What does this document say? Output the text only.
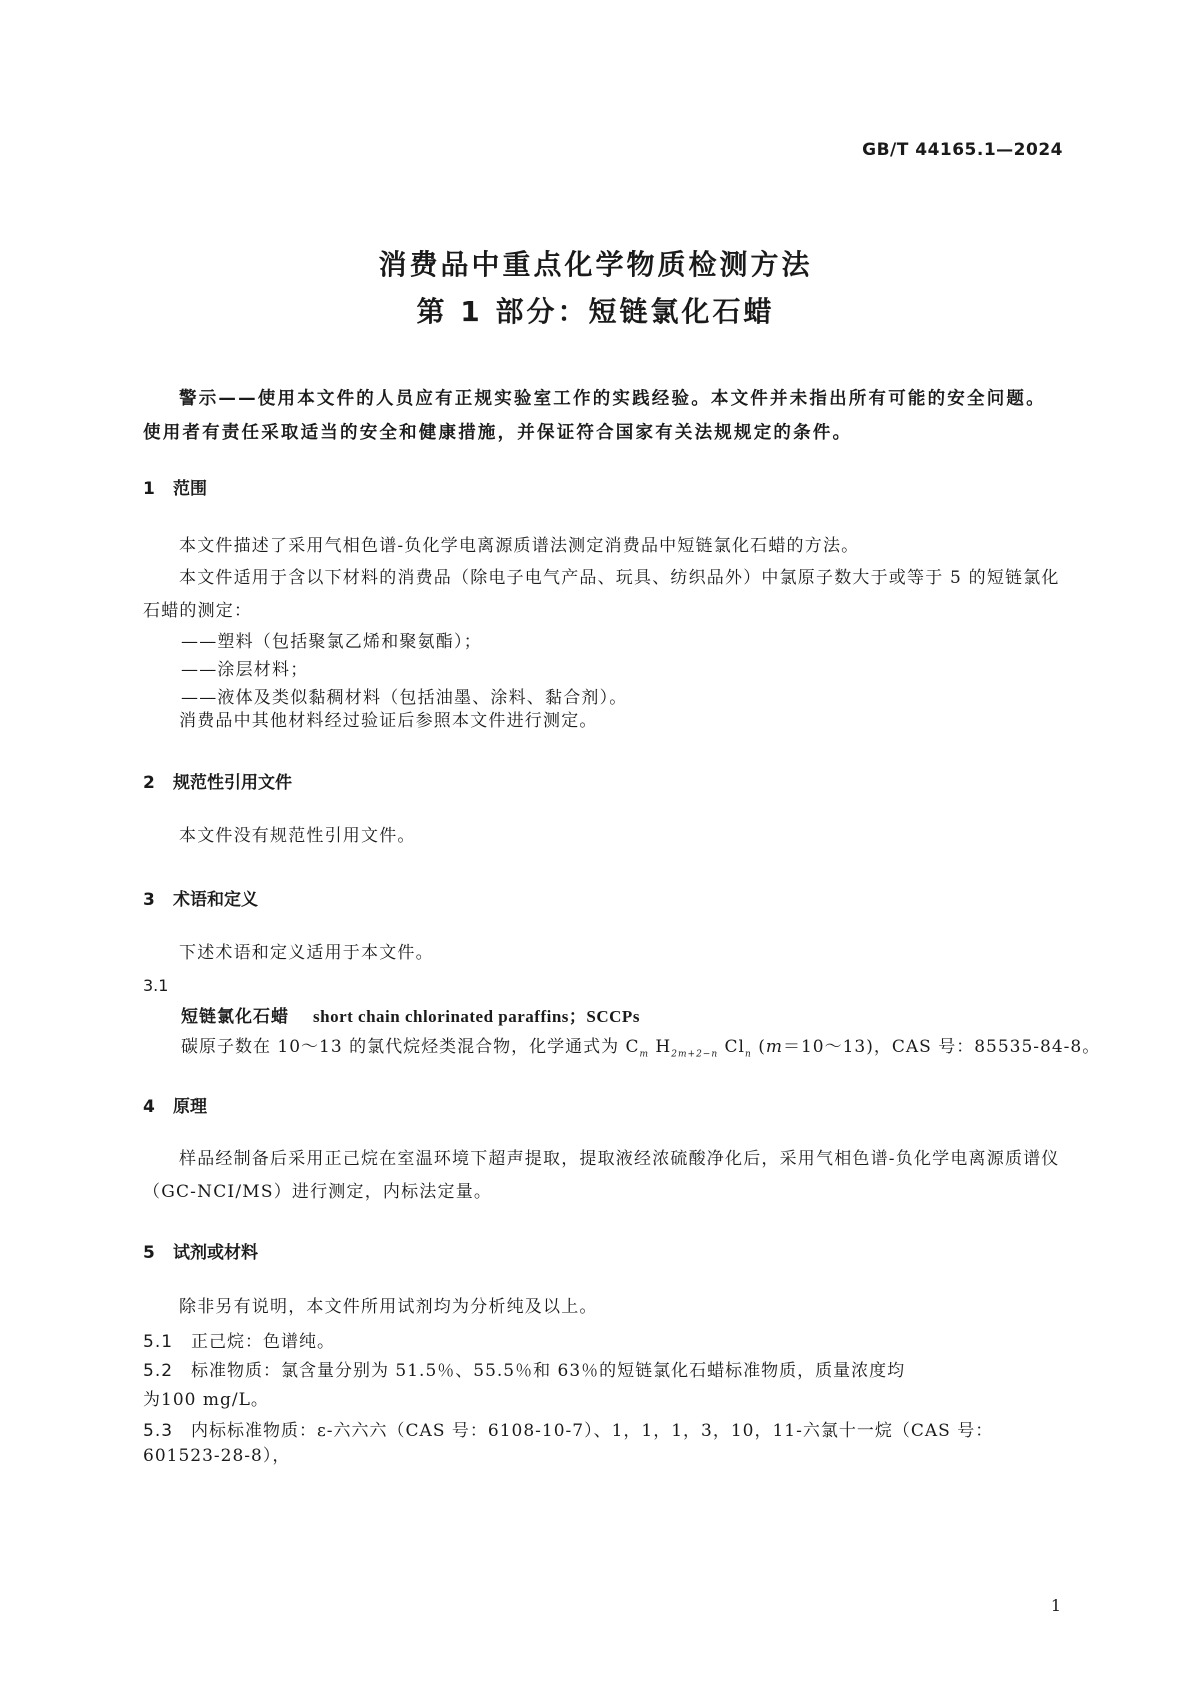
GB/T 44165.1—2024
消费品中重点化学物质检测方法
第 1 部分：短链氯化石蜡
警示——使用本文件的人员应有正规实验室工作的实践经验。本文件并未指出所有可能的安全问题。使用者有责任采取适当的安全和健康措施，并保证符合国家有关法规规定的条件。
1 范围
本文件描述了采用气相色谱-负化学电离源质谱法测定消费品中短链氯化石蜡的方法。
本文件适用于含以下材料的消费品（除电子电气产品、玩具、纺织品外）中氯原子数大于或等于 5 的短链氯化石蜡的测定：
——塑料（包括聚氯乙烯和聚氨酯）；
——涂层材料；
——液体及类似黏稠材料（包括油墨、涂料、黏合剂）。
消费品中其他材料经过验证后参照本文件进行测定。
2 规范性引用文件
本文件没有规范性引用文件。
3 术语和定义
下述术语和定义适用于本文件。
3.1
短链氯化石蜡 short chain chlorinated paraffins；SCCPs
碳原子数在 10～13 的氯代烷烃类混合物，化学通式为 $C_m$ $H_{2m+2-n}$ $Cl_n$ (m＝10～13)，CAS 号：85535-84-8。
4 原理
样品经制备后采用正己烷在室温环境下超声提取，提取液经浓硫酸净化后，采用气相色谱-负化学电离源质谱仪（GC-NCI/MS）进行测定，内标法定量。
5 试剂或材料
除非另有说明，本文件所用试剂均为分析纯及以上。
5.1 正己烷：色谱纯。
5.2 标准物质：氯含量分别为 51.5％、55.5％和 63％的短链氯化石蜡标准物质，质量浓度均
为100 mg/L。
5.3 内标标准物质：ε-六六六（CAS 号：6108-10-7）、1，1，1，3，10，11-六氯十一烷（CAS 号：601523-28-8），
1
